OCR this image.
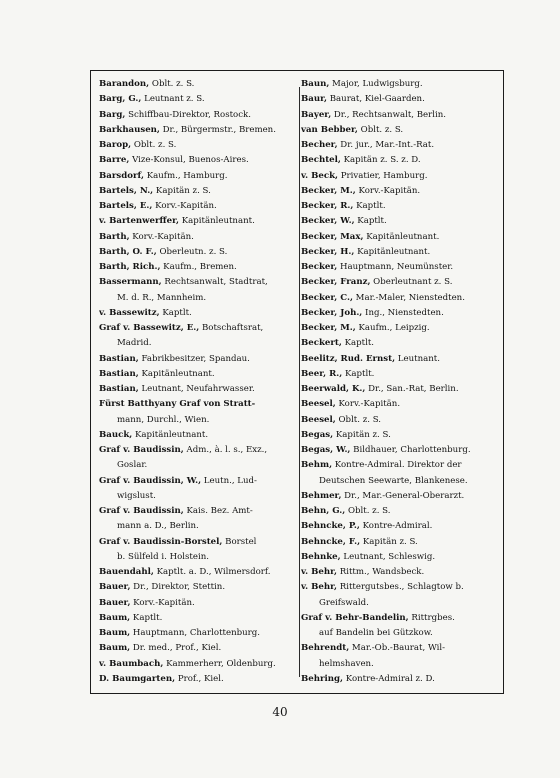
Barandon, Oblt. z. S.
Barg, G., Leutnant z. S.
Barg, Schiffbau-Direktor, Rostock.
Barkhausen, Dr., Bürgermstr., Bremen.
Barop, Oblt. z. S.
Barre, Vize-Konsul, Buenos-Aires.
Barsdorf, Kaufm., Hamburg.
Bartels, N., Kapitän z. S.
Bartels, E., Korv.-Kapitän.
v. Bartenwerffer, Kapitänleutnant.
Barth, Korv.-Kapitän.
Barth, O. F., Oberleutn. z. S.
Barth, Rich., Kaufm., Bremen.
Bassermann, Rechtsanwalt, Stadtrat,
M. d. R., Mannheim.
v. Bassewitz, Kaptlt.
Graf v. Bassewitz, E., Botschaftsrat,
Madrid.
Bastian, Fabrikbesitzer, Spandau.
Bastian, Kapitänleutnant.
Bastian, Leutnant, Neufahrwasser.
Fürst Batthyany Graf von Stratt-
mann, Durchl., Wien.
Bauck, Kapitänleutnant.
Graf v. Baudissin, Adm., à. l. s., Exz.,
Goslar.
Graf v. Baudissin, W., Leutn., Lud-
wigslust.
Graf v. Baudissin, Kais. Bez. Amt-
mann a. D., Berlin.
Graf v. Baudissin-Borstel, Borstel
b. Sülfeld i. Holstein.
Bauendahl, Kaptlt. a. D., Wilmersdorf.
Bauer, Dr., Direktor, Stettin.
Bauer, Korv.-Kapitän.
Baum, Kaptlt.
Baum, Hauptmann, Charlottenburg.
Baum, Dr. med., Prof., Kiel.
v. Baumbach, Kammerherr, Oldenburg.
D. Baumgarten, Prof., Kiel.
Baun, Major, Ludwigsburg.
Baur, Baurat, Kiel-Gaarden.
Bayer, Dr., Rechtsanwalt, Berlin.
van Bebber, Oblt. z. S.
Becher, Dr. jur., Mar.-Int.-Rat.
Bechtel, Kapitän z. S. z. D.
v. Beck, Privatier, Hamburg.
Becker, M., Korv.-Kapitän.
Becker, R., Kaptlt.
Becker, W., Kaptlt.
Becker, Max, Kapitänleutnant.
Becker, H., Kapitänleutnant.
Becker, Hauptmann, Neumünster.
Becker, Franz, Oberleutnant z. S.
Becker, C., Mar.-Maler, Nienstedten.
Becker, Joh., Ing., Nienstedten.
Becker, M., Kaufm., Leipzig.
Beckert, Kaptlt.
Beelitz, Rud. Ernst, Leutnant.
Beer, R., Kaptlt.
Beerwald, K., Dr., San.-Rat, Berlin.
Beesel, Korv.-Kapitän.
Beesel, Oblt. z. S.
Begas, Kapitän z. S.
Begas, W., Bildhauer, Charlottenburg.
Behm, Kontre-Admiral. Direktor der
Deutschen Seewarte, Blankenese.
Behmer, Dr., Mar.-General-Oberarzt.
Behn, G., Oblt. z. S.
Behncke, P., Kontre-Admiral.
Behncke, F., Kapitän z. S.
Behnke, Leutnant, Schleswig.
v. Behr, Rittm., Wandsbeck.
v. Behr, Rittergutsbes., Schlagtow b.
Greifswald.
Graf v. Behr-Bandelin, Rittrgbes.
auf Bandelin bei Gützkow.
Behrendt, Mar.-Ob.-Baurat, Wil-
helmshaven.
Behring, Kontre-Admiral z. D.
40
